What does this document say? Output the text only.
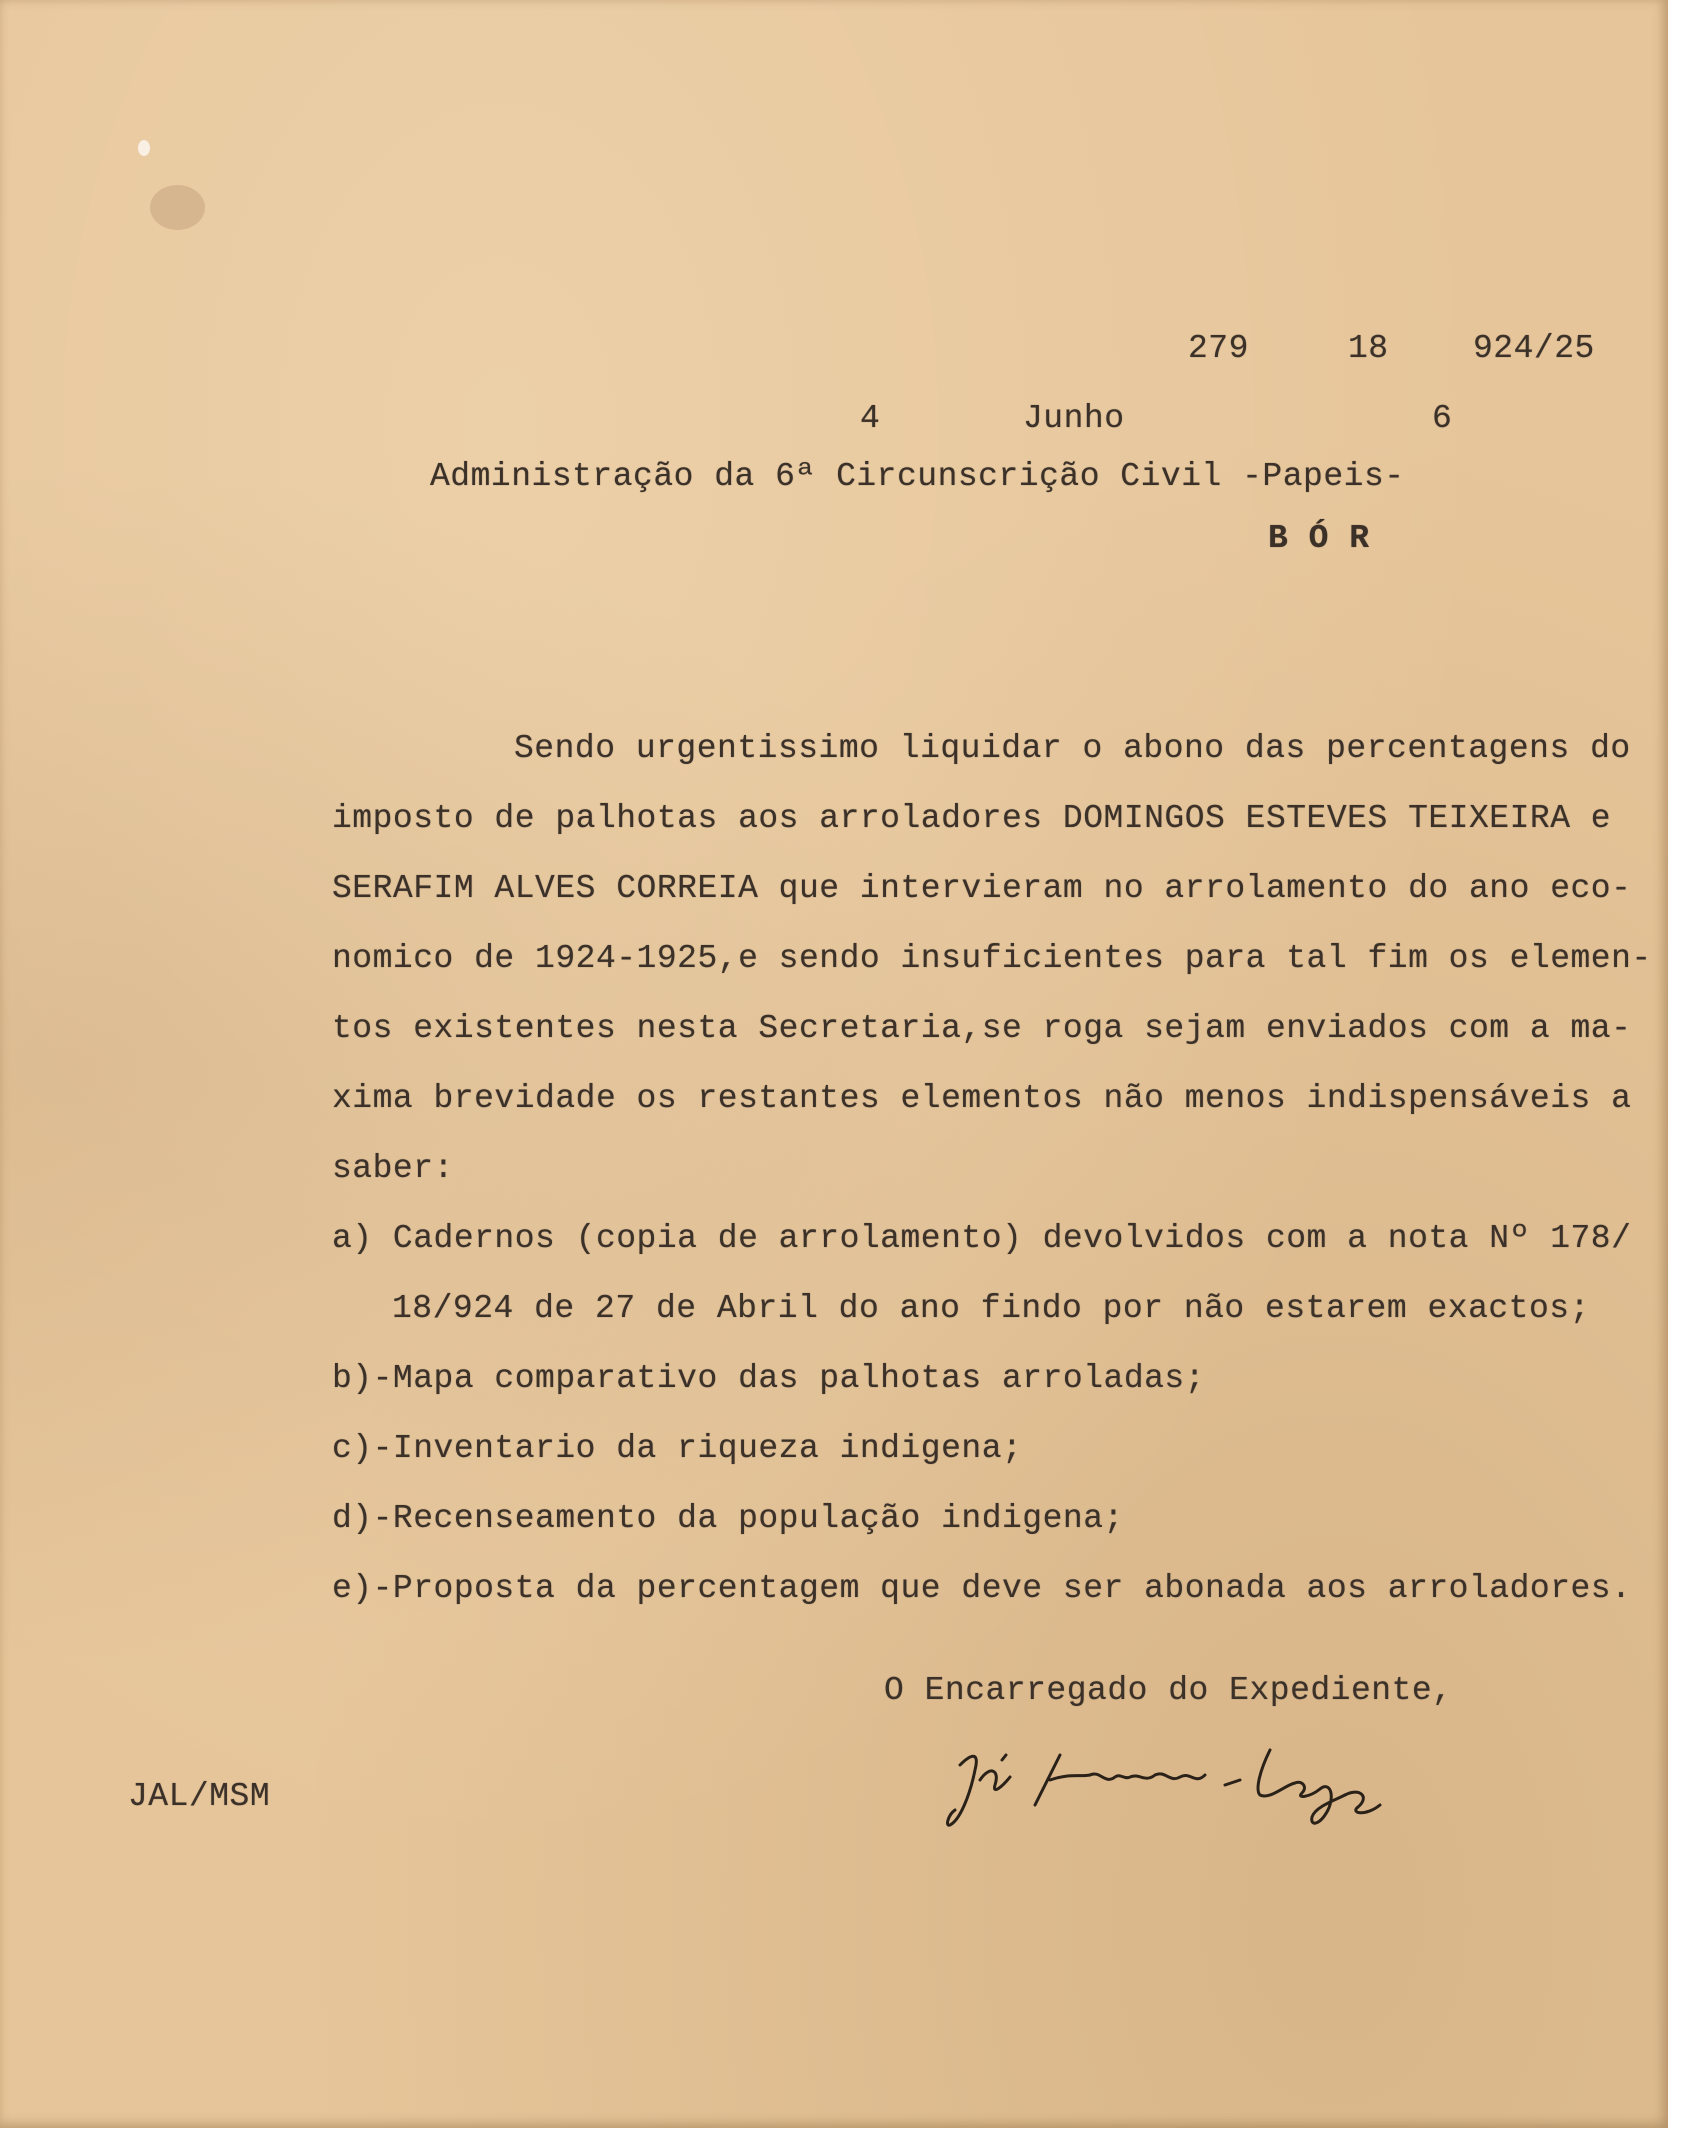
279	18	924/25
4	Junho	6
Administração da 6ª Circunscrição Civil -Papeis-
B Ó R
Sendo urgentissimo liquidar o abono das percentagens do
imposto de palhotas aos arroladores DOMINGOS ESTEVES TEIXEIRA e
SERAFIM ALVES CORREIA que intervieram no arrolamento do ano eco-
nomico de 1924-1925,e sendo insuficientes para tal fim os elemen-
tos existentes nesta Secretaria,se roga sejam enviados com a ma-
xima brevidade os restantes elementos não menos indispensáveis a
saber:
a) Cadernos (copia de arrolamento) devolvidos com a nota Nº 178/
18/924 de 27 de Abril do ano findo por não estarem exactos;
b)-Mapa comparativo das palhotas arroladas;
c)-Inventario da riqueza indigena;
d)-Recenseamento da população indigena;
e)-Proposta da percentagem que deve ser abonada aos arroladores.
O Encarregado do Expediente,
JAL/MSM
